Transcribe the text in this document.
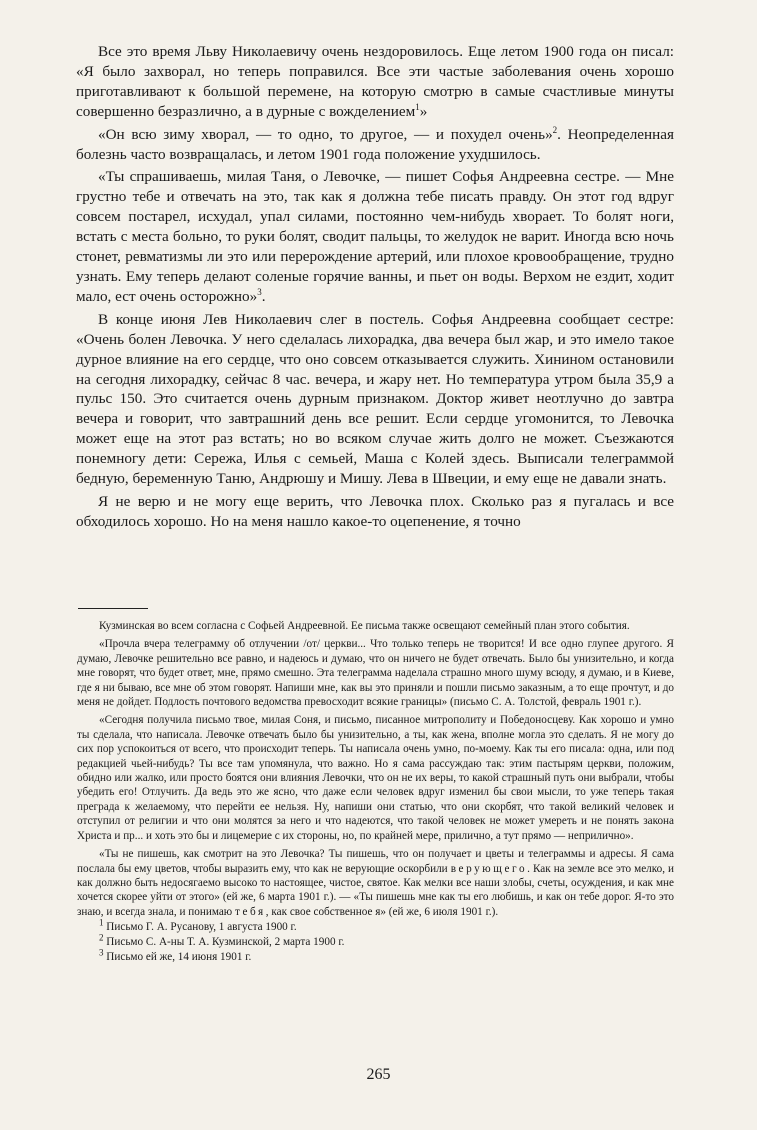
Все это время Льву Николаевичу очень нездоровилось. Еще летом 1900 года он писал: «Я было захворал, но теперь поправился. Все эти частые заболевания очень хорошо приготавливают к большой перемене, на которую смотрю в самые счастливые минуты совершенно безразлично, а в дурные с вожделением$^1$»

«Он всю зиму хворал, — то одно, то другое, — и похудел очень»$^2$. Неопределенная болезнь часто возвращалась, и летом 1901 года положение ухудшилось.

«Ты спрашиваешь, милая Таня, о Левочке, — пишет Софья Андреевна сестре. — Мне грустно тебе и отвечать на это, так как я должна тебе писать правду. Он этот год вдруг совсем постарел, исхудал, упал силами, постоянно чем-нибудь хворает. То болят ноги, встать с места больно, то руки болят, сводит пальцы, то желудок не варит. Иногда всю ночь стонет, ревматизмы ли это или перерождение артерий, или плохое кровообращение, трудно узнать. Ему теперь делают соленые горячие ванны, и пьет он воды. Верхом не ездит, ходит мало, ест очень осторожно»$^3$.

В конце июня Лев Николаевич слег в постель. Софья Андреевна сообщает сестре: «Очень болен Левочка. У него сделалась лихорадка, два вечера был жар, и это имело такое дурное влияние на его сердце, что оно совсем отказывается служить. Хинином остановили на сегодня лихорадку, сейчас 8 час. вечера, и жару нет. Но температура утром была 35,9 а пульс 150. Это считается очень дурным признаком. Доктор живет неотлучно до завтра вечера и говорит, что завтрашний день все решит. Если сердце угомонится, то Левочка может еще на этот раз встать; но во всяком случае жить долго не может. Съезжаются понемногу дети: Сережа, Илья с семьей, Маша с Колей здесь. Выписали телеграммой бедную, беременную Таню, Андрюшу и Мишу. Лева в Швеции, и ему еще не давали знать.

Я не верю и не могу еще верить, что Левочка плох. Сколько раз я пугалась и все обходилось хорошо. Но на меня нашло какое-то оцепенение, я точно

Кузминская во всем согласна с Софьей Андреевной. Ее письма также освещают семейный план этого события.

«Прочла вчера телеграмму об отлучении /от/ церкви... Что только теперь не творится! И все одно глупее другого. Я думаю, Левочке решительно все равно, и надеюсь и думаю, что он ничего не будет отвечать. Было бы унизительно, и когда мне говорят, что будет ответ, мне, прямо смешно. Эта телеграмма наделала страшно много шуму всюду, я думаю, и в Киеве, где я ни бываю, все мне об этом говорят. Напиши мне, как вы это приняли и пошли письмо заказным, а то еще прочтут, и до меня не дойдет. Подлость почтового ведомства превосходит всякие границы» (письмо С. А. Толстой, февраль 1901 г.).

«Сегодня получила письмо твое, милая Соня, и письмо, писанное митрополиту и Победоносцеву. Как хорошо и умно ты сделала, что написала. Левочке отвечать было бы унизительно, а ты, как жена, вполне могла это сделать. Я не могу до сих пор успокоиться от всего, что происходит теперь. Ты написала очень умно, по-моему. Как ты его писала: одна, или под редакцией чьей-нибудь? Ты все там упомянула, что важно. Но я сама рассуждаю так: этим пастырям церкви, положим, обидно или жалко, или просто боятся они влияния Левочки, что он не их веры, то какой страшный путь они выбрали, чтобы убедить его! Отлучить. Да ведь это же ясно, что даже если человек вдруг изменил бы свои мысли, то уже теперь такая преграда к желаемому, что перейти ее нельзя. Ну, напиши они статью, что они скорбят, что такой великий человек и отступил от религии и что они молятся за него и что надеются, что такой человек не может умереть и не понять закона Христа и пр... и хоть это бы и лицемерие с их стороны, но, по крайней мере, прилично, а тут прямо — неприлично».

«Ты не пишешь, как смотрит на это Левочка? Ты пишешь, что он получает и цветы и телеграммы и адресы. Я сама послала бы ему цветов, чтобы выразить ему, что как не верующие оскорбили верующего. Как на земле все это мелко, и как должно быть недосягаемо высоко то настоящее, чистое, святое. Как мелки все наши злобы, счеты, осуждения, и как мне хочется скорее уйти от этого» (ей же, 6 марта 1901 г.). — «Ты пишешь мне как ты его любишь, и как он тебе дорог. Я-то это знаю, и всегда знала, и понимаю тебя, как свое собственное я» (ей же, 6 июля 1901 г.).

$^1$ Письмо Г. А. Русанову, 1 августа 1900 г.
$^2$ Письмо С. А-ны Т. А. Кузминской, 2 марта 1900 г.
$^3$ Письмо ей же, 14 июня 1901 г.
265
